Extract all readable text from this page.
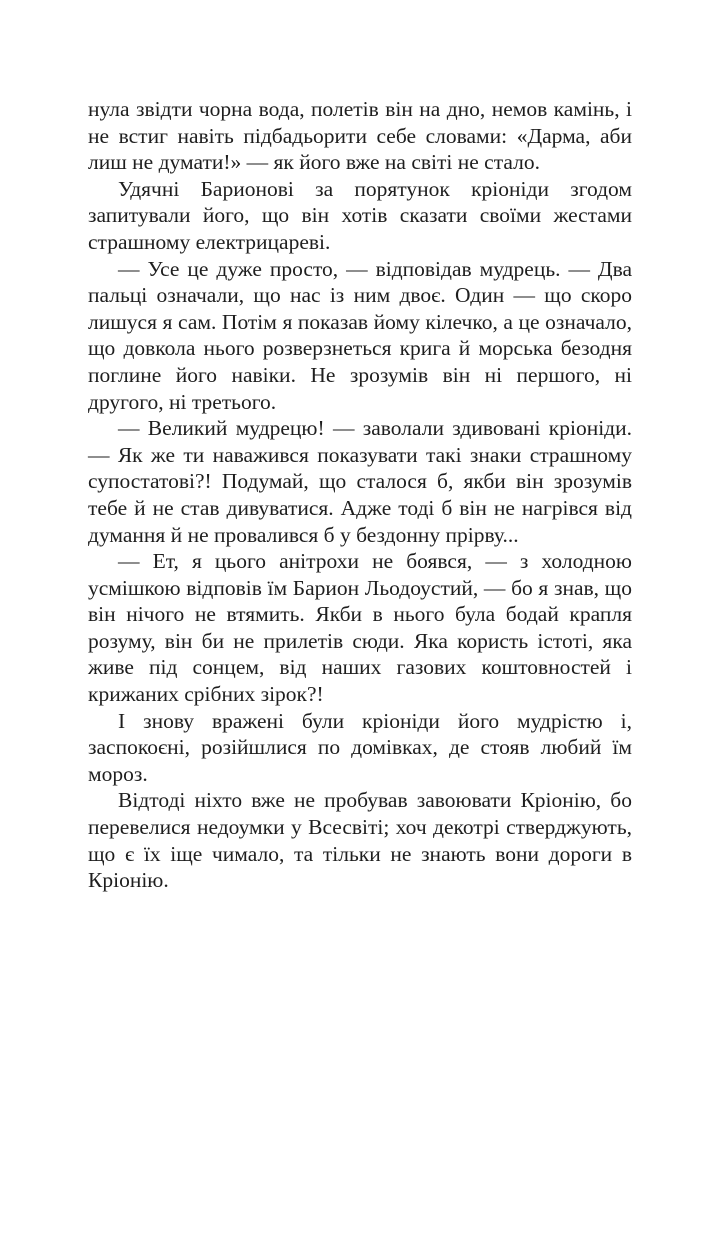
нула звідти чорна вода, полетів він на дно, немов камінь, і не встиг навіть підбадьорити себе словами: «Дарма, аби лиш не думати!» — як його вже на світі не стало.

Удячні Барионові за порятунок кріоніди згодом запитували його, що він хотів сказати своїми жестами страшному електрицареві.

— Усе це дуже просто, — відповідав мудрець. — Два пальці означали, що нас із ним двоє. Один — що скоро лишуся я сам. Потім я показав йому кілечко, а це означало, що довкола нього розверзнеться крига й морська безодня поглине його навіки. Не зрозумів він ні першого, ні другого, ні третього.

— Великий мудрецю! — заволали здивовані кріоніди. — Як же ти наважився показувати такі знаки страшному супостатові?! Подумай, що сталося б, якби він зрозумів тебе й не став дивуватися. Адже тоді б він не нагрівся від думання й не провалився б у бездонну прірву...

— Ет, я цього анітрохи не боявся, — з холодною усмішкою відповів їм Барион Льодоустий, — бо я знав, що він нічого не втямить. Якби в нього була бодай крапля розуму, він би не прилетів сюди. Яка користь істоті, яка живе під сонцем, від наших газових коштовностей і крижаних срібних зірок?!

І знову вражені були кріоніди його мудрістю і, заспокоєні, розійшлися по домівках, де стояв любий їм мороз.

Відтоді ніхто вже не пробував завоювати Кріонію, бо перевелися недоумки у Всесвіті; хоч декотрі стверджують, що є їх іще чимало, та тільки не знають вони дороги в Кріонію.
